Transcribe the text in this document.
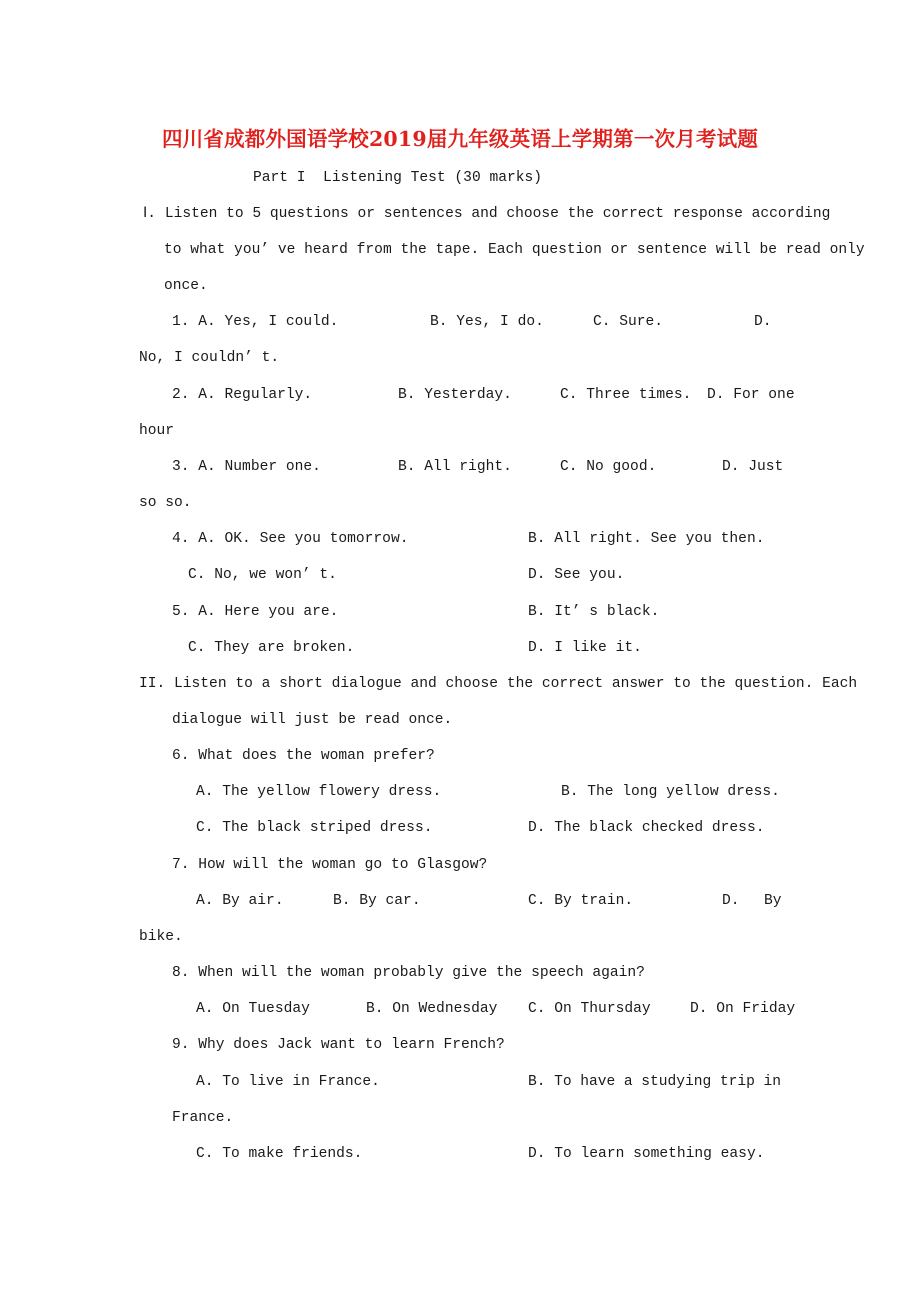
四川省成都外国语学校2019届九年级英语上学期第一次月考试题
Part I  Listening Test (30 marks)
Ⅰ. Listen to 5 questions or sentences and choose the correct response according
to what you’ ve heard from the tape. Each question or sentence will be read only
once.
1. A. Yes, I could.	B. Yes, I do.	C. Sure.	D.
No, I couldn’ t.
2. A. Regularly.	B. Yesterday.	C. Three times. D. For one
hour
3. A. Number one.	B. All right.	C. No good.	D. Just
so so.
4. A. OK. See you tomorrow.	B. All right. See you then.
C. No, we won’ t.	D. See you.
5. A. Here you are.	B. It’ s black.
C. They are broken.	D. I like it.
II. Listen to a short dialogue and choose the correct answer to the question. Each
dialogue will just be read once.
6. What does the woman prefer?
A. The yellow flowery dress.	B. The long yellow dress.
C. The black striped dress.	D. The black checked dress.
7. How will the woman go to Glasgow?
A. By air.	B. By car.	C. By train.	D. By
bike.
8. When will the woman probably give the speech again?
A. On Tuesday	B. On Wednesday C. On Thursday	D. On Friday
9. Why does Jack want to learn French?
A. To live in France.	B. To have a studying trip in
France.
C. To make friends.	D. To learn something easy.
